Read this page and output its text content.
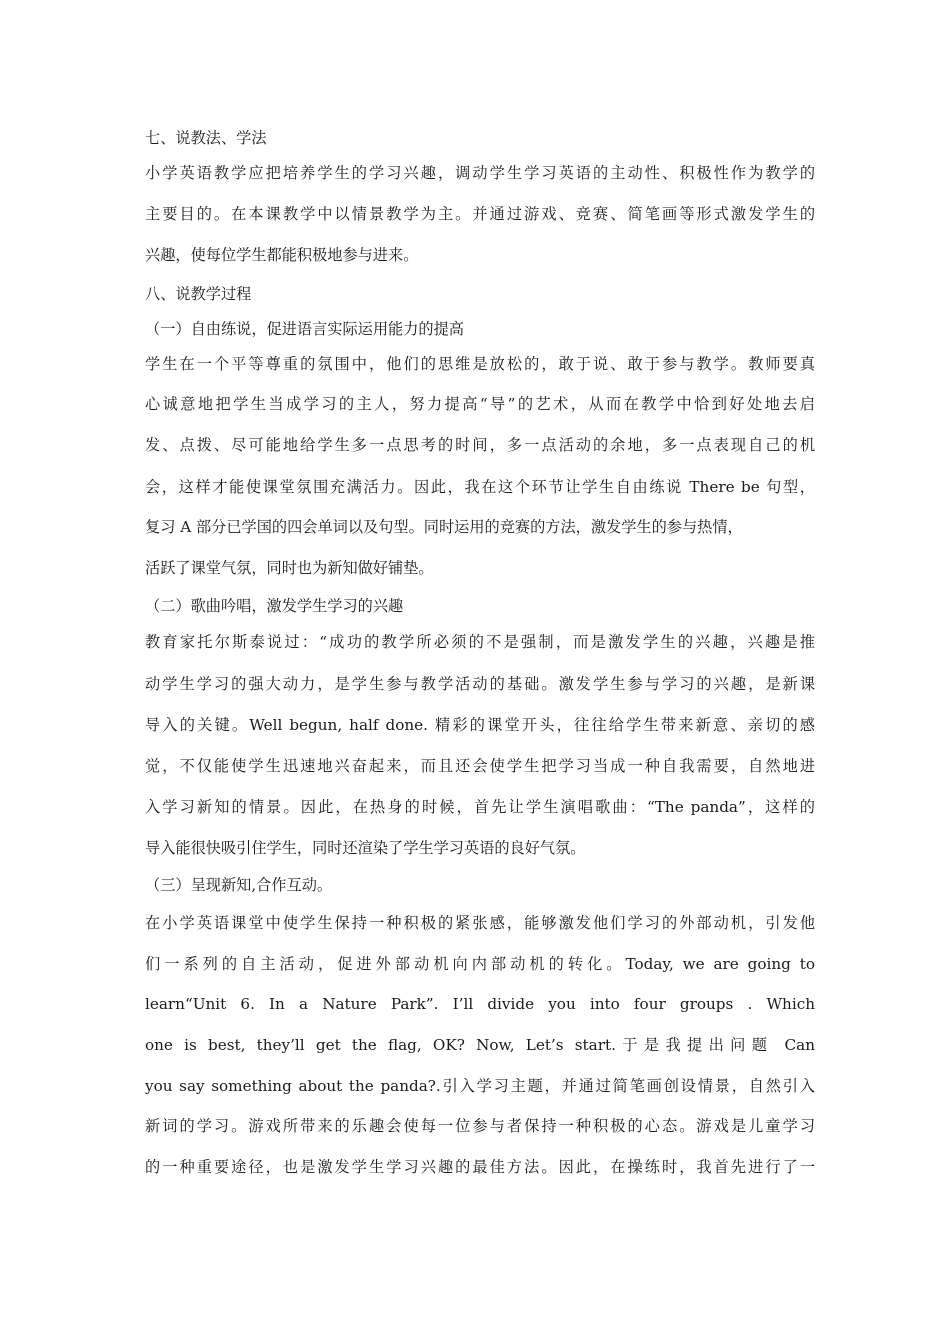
七、说教法、学法
小学英语教学应把培养学生的学习兴趣，调动学生学习英语的主动性、积极性作为教学的
主要目的。在本课教学中以情景教学为主。并通过游戏、竞赛、简笔画等形式激发学生的
兴趣，使每位学生都能积极地参与进来。
八、说教学过程
（一）自由练说，促进语言实际运用能力的提高
学生在一个平等尊重的氛围中，他们的思维是放松的，敢于说、敢于参与教学。教师要真
心诚意地把学生当成学习的主人，努力提高“导”的艺术，从而在教学中恰到好处地去启
发、点拨、尽可能地给学生多一点思考的时间，多一点活动的余地，多一点表现自己的机
会，这样才能使课堂氛围充满活力。因此，我在这个环节让学生自由练说 There be 句型，
复习 A 部分已学国的四会单词以及句型。同时运用的竞赛的方法，激发学生的参与热情，
活跃了课堂气氛，同时也为新知做好铺垫。
（二）歌曲吟唱，激发学生学习的兴趣
教育家托尔斯泰说过：“成功的教学所必须的不是强制，而是激发学生的兴趣，兴趣是推
动学生学习的强大动力，是学生参与教学活动的基础。激发学生参与学习的兴趣，是新课
导入的关键。Well begun, half done. 精彩的课堂开头，往往给学生带来新意、亲切的感
觉，不仅能使学生迅速地兴奋起来，而且还会使学生把学习当成一种自我需要，自然地进
入学习新知的情景。因此，在热身的时候，首先让学生演唱歌曲：“The panda”，这样的
导入能很快吸引住学生，同时还渲染了学生学习英语的良好气氛。
（三）呈现新知,合作互动。
在小学英语课堂中使学生保持一种积极的紧张感，能够激发他们学习的外部动机，引发他
们一系列的自主活动，促进外部动机向内部动机的转化。Today, we are going to
learn“Unit 6. In a Nature Park”. I’ll divide you into four groups . Which
one is best, they’ll get the flag, OK? Now, Let’s start.于是我提出问题 Can
you say something about the panda?.引入学习主题，并通过简笔画创设情景，自然引入
新词的学习。游戏所带来的乐趣会使每一位参与者保持一种积极的心态。游戏是儿童学习
的一种重要途径，也是激发学生学习兴趣的最佳方法。因此，在操练时，我首先进行了一
